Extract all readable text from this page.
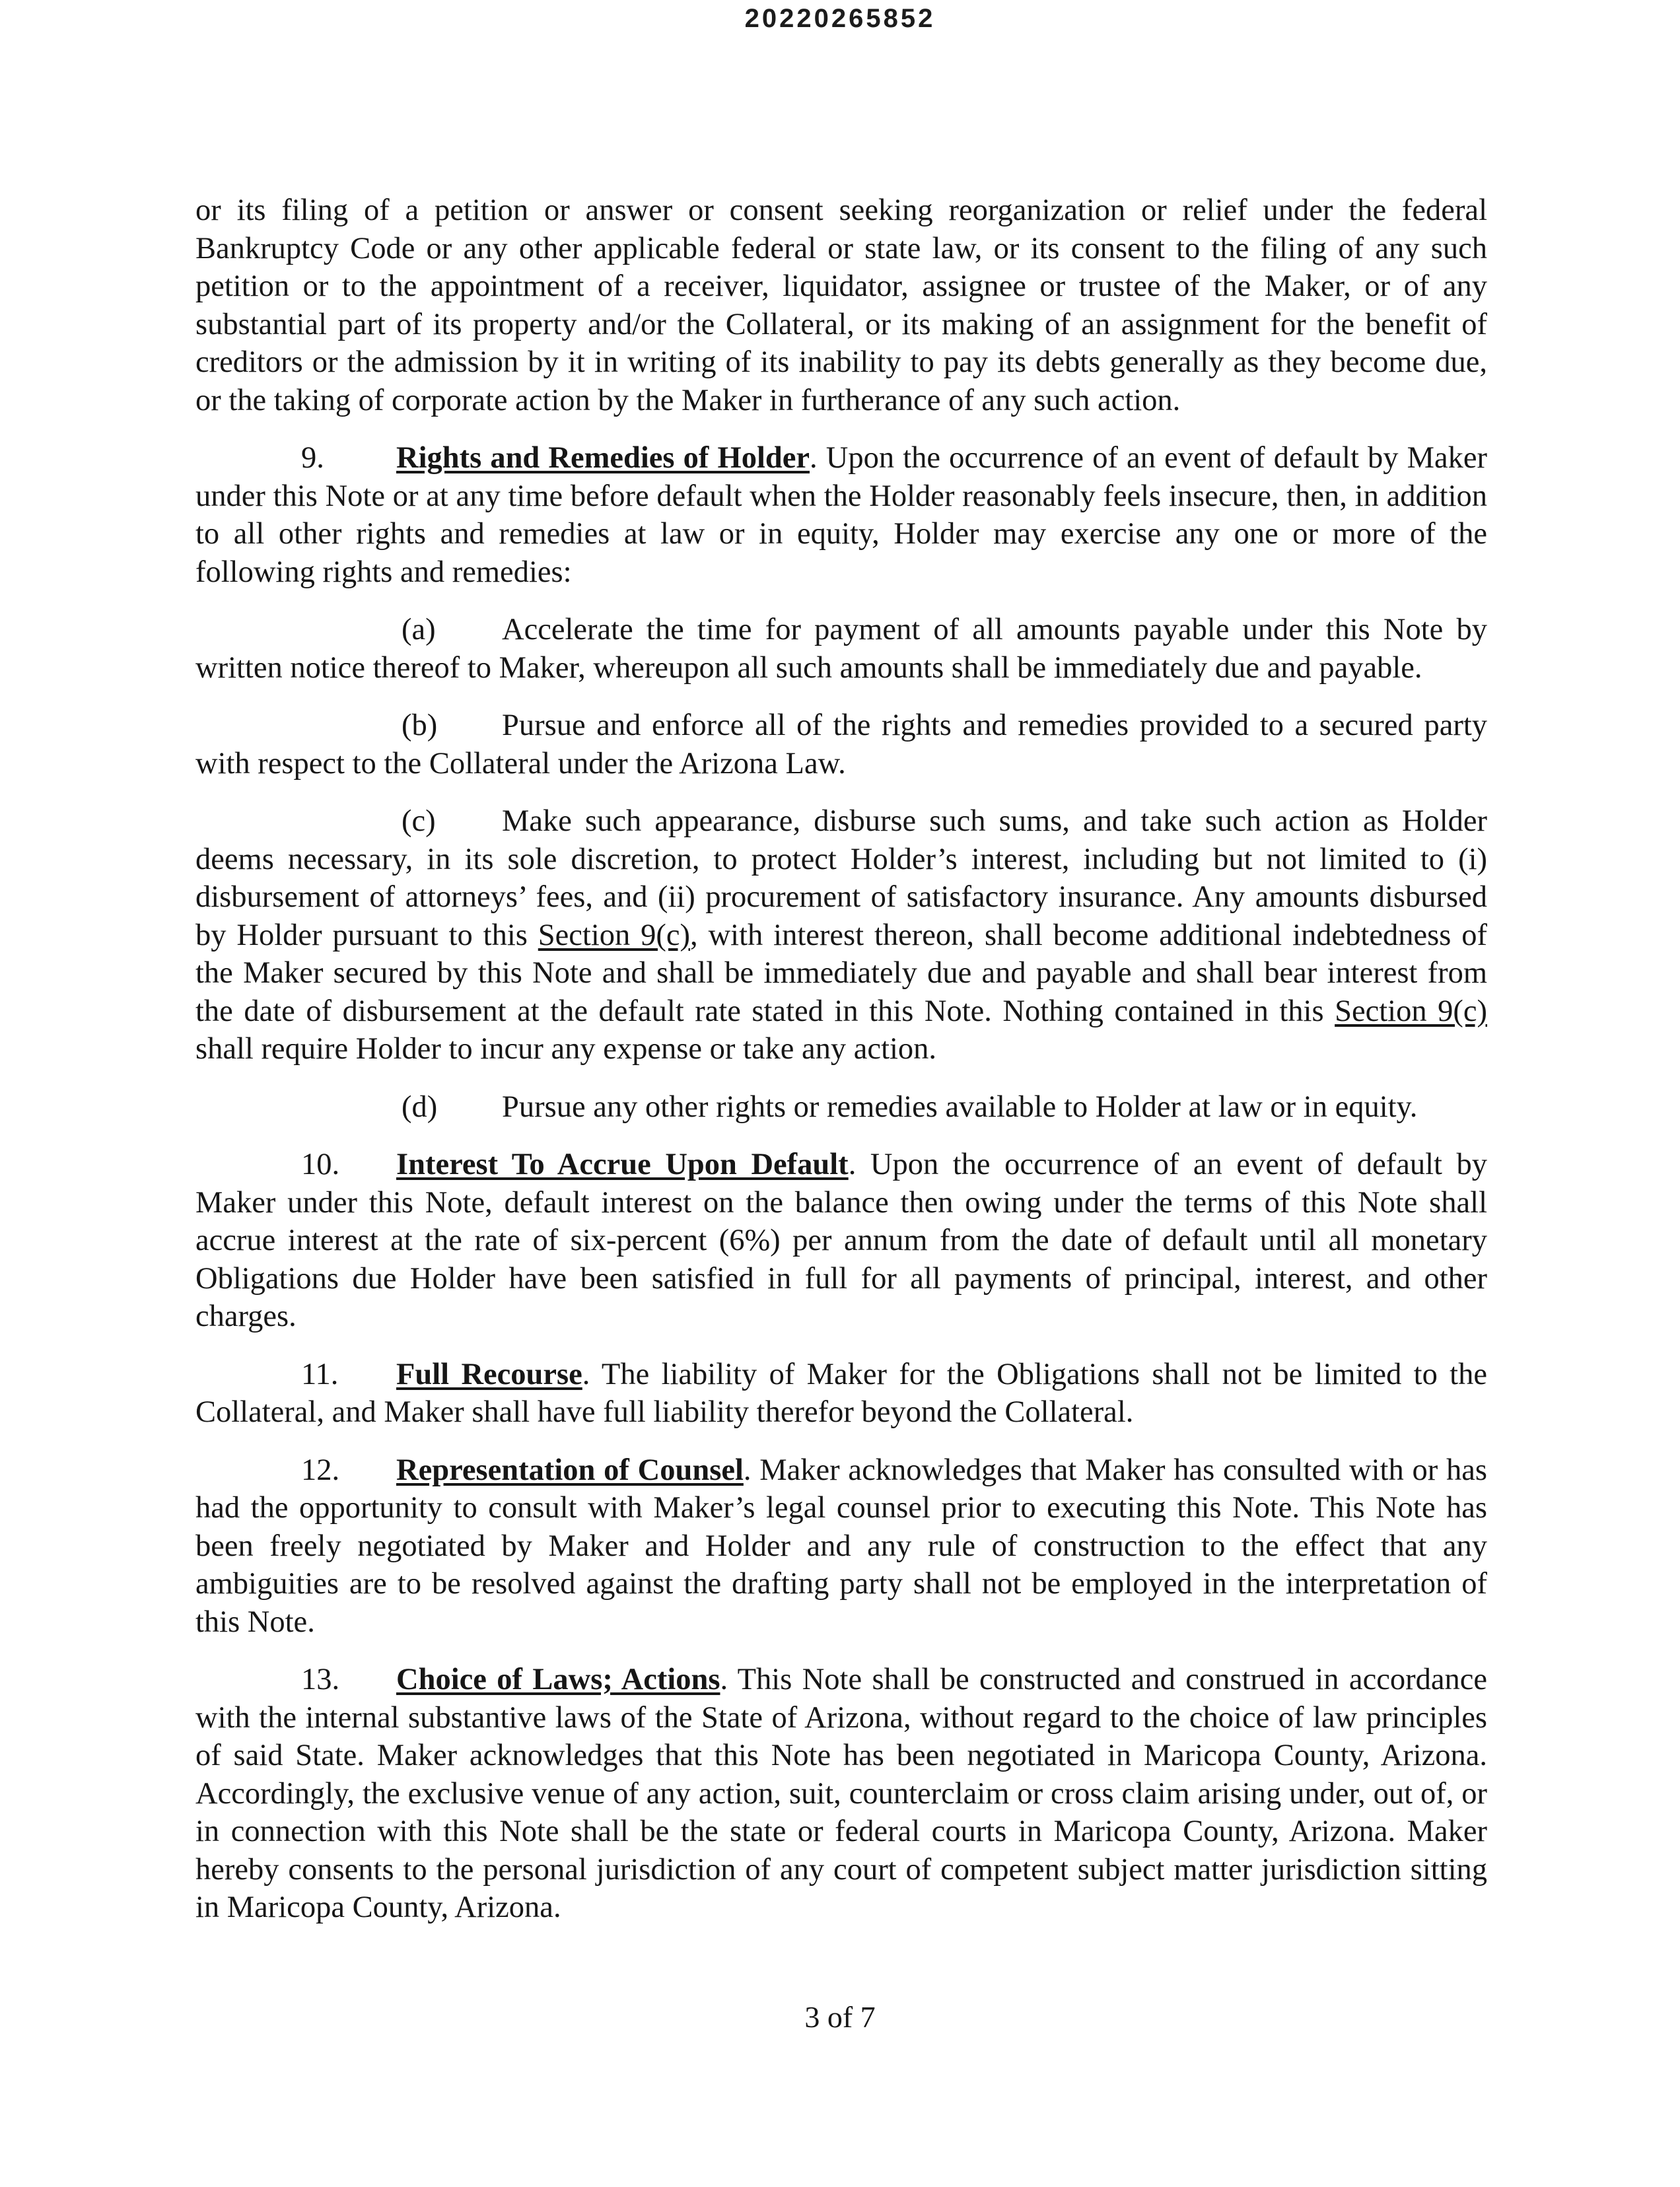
20220265852

or its filing of a petition or answer or consent seeking reorganization or relief under the federal Bankruptcy Code or any other applicable federal or state law, or its consent to the filing of any such petition or to the appointment of a receiver, liquidator, assignee or trustee of the Maker, or of any substantial part of its property and/or the Collateral, or its making of an assignment for the benefit of creditors or the admission by it in writing of its inability to pay its debts generally as they become due, or the taking of corporate action by the Maker in furtherance of any such action.

9. Rights and Remedies of Holder. Upon the occurrence of an event of default by Maker under this Note or at any time before default when the Holder reasonably feels insecure, then, in addition to all other rights and remedies at law or in equity, Holder may exercise any one or more of the following rights and remedies:

(a) Accelerate the time for payment of all amounts payable under this Note by written notice thereof to Maker, whereupon all such amounts shall be immediately due and payable.

(b) Pursue and enforce all of the rights and remedies provided to a secured party with respect to the Collateral under the Arizona Law.

(c) Make such appearance, disburse such sums, and take such action as Holder deems necessary, in its sole discretion, to protect Holder’s interest, including but not limited to (i) disbursement of attorneys’ fees, and (ii) procurement of satisfactory insurance. Any amounts disbursed by Holder pursuant to this Section 9(c), with interest thereon, shall become additional indebtedness of the Maker secured by this Note and shall be immediately due and payable and shall bear interest from the date of disbursement at the default rate stated in this Note. Nothing contained in this Section 9(c) shall require Holder to incur any expense or take any action.

(d) Pursue any other rights or remedies available to Holder at law or in equity.

10. Interest To Accrue Upon Default. Upon the occurrence of an event of default by Maker under this Note, default interest on the balance then owing under the terms of this Note shall accrue interest at the rate of six-percent (6%) per annum from the date of default until all monetary Obligations due Holder have been satisfied in full for all payments of principal, interest, and other charges.

11. Full Recourse. The liability of Maker for the Obligations shall not be limited to the Collateral, and Maker shall have full liability therefor beyond the Collateral.

12. Representation of Counsel. Maker acknowledges that Maker has consulted with or has had the opportunity to consult with Maker’s legal counsel prior to executing this Note. This Note has been freely negotiated by Maker and Holder and any rule of construction to the effect that any ambiguities are to be resolved against the drafting party shall not be employed in the interpretation of this Note.

13. Choice of Laws; Actions. This Note shall be constructed and construed in accordance with the internal substantive laws of the State of Arizona, without regard to the choice of law principles of said State. Maker acknowledges that this Note has been negotiated in Maricopa County, Arizona. Accordingly, the exclusive venue of any action, suit, counterclaim or cross claim arising under, out of, or in connection with this Note shall be the state or federal courts in Maricopa County, Arizona. Maker hereby consents to the personal jurisdiction of any court of competent subject matter jurisdiction sitting in Maricopa County, Arizona.

3 of 7
